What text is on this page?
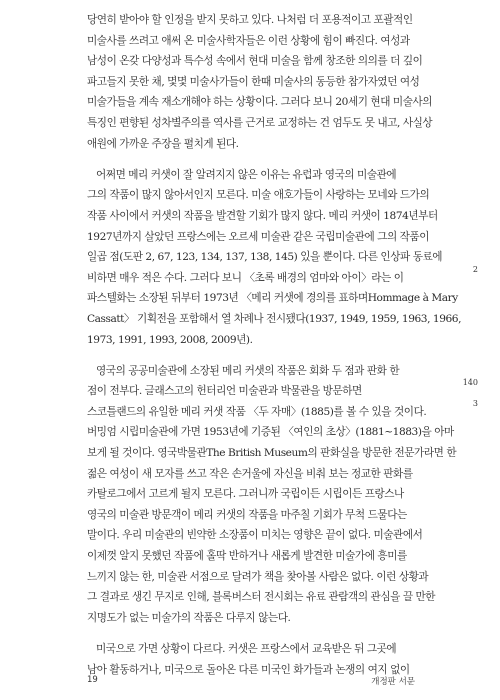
당연히 받아야 할 인정을 받지 못하고 있다. 나처럼 더 포용적이고 포괄적인
미술사를 쓰려고 애써 온 미술사학자들은 이런 상황에 힘이 빠진다. 여성과
남성이 온갖 다양성과 특수성 속에서 현대 미술을 함께 창조한 의의를 더 깊이
파고들지 못한 채, 몇몇 미술사가들이 한때 미술사의 동등한 참가자였던 여성
미술가들을 계속 재소개해야 하는 상황이다. 그러다 보니 20세기 현대 미술사의
특징인 편향된 성차별주의를 역사를 근거로 교정하는 건 엄두도 못 내고, 사실상
애원에 가까운 주장을 펼치게 된다.
어쩌면 메리 커샛이 잘 알려지지 않은 이유는 유럽과 영국의 미술관에
그의 작품이 많지 않아서인지 모른다. 미술 애호가들이 사랑하는 모네와 드가의
작품 사이에서 커샛의 작품을 발견할 기회가 많지 않다. 메리 커샛이 1874년부터
1927년까지 살았던 프랑스에는 오르세 미술관 같은 국립미술관에 그의 작품이
일곱 점(도판 2, 67, 123, 134, 137, 138, 145) 있을 뿐이다. 다른 인상파 동료에
비하면 매우 적은 수다. 그러다 보니 〈초록 배경의 엄마와 아이〉라는 이
파스텔화는 소장된 뒤부터 1973년 〈메리 커샛에 경의를 표하며Hommage à Mary
Cassatt〉 기획전을 포함해서 열 차례나 전시됐다(1937, 1949, 1959, 1963, 1966,
1973, 1991, 1993, 2008, 2009년).
영국의 공공미술관에 소장된 메리 커샛의 작품은 회화 두 점과 판화 한
점이 전부다. 글래스고의 헌터리언 미술관과 박물관을 방문하면
스코틀랜드의 유일한 메리 커샛 작품 〈두 자매〉(1885)를 볼 수 있을 것이다.
버밍엄 시립미술관에 가면 1953년에 기증된 〈여인의 초상〉(1881~1883)을 아마
보게 될 것이다. 영국박물관The British Museum의 판화실을 방문한 전문가라면 한
젊은 여성이 새 모자를 쓰고 작은 손거울에 자신을 비춰 보는 정교한 판화를
카탈로그에서 고르게 될지 모른다. 그러니까 국립이든 시립이든 프랑스나
영국의 미술관 방문객이 메리 커샛의 작품을 마주칠 기회가 무척 드물다는
말이다. 우리 미술관의 빈약한 소장품이 미치는 영향은 끝이 없다. 미술관에서
이제껏 알지 못했던 작품에 홀딱 반하거나 새롭게 발견한 미술가에 흥미를
느끼지 않는 한, 미술관 서점으로 달려가 책을 찾아볼 사람은 없다. 이런 상황과
그 결과로 생긴 무지로 인해, 블록버스터 전시회는 유료 관람객의 관심을 끌 만한
지명도가 없는 미술가의 작품은 다루지 않는다.
미국으로 가면 상황이 다르다. 커샛은 프랑스에서 교육받은 뒤 그곳에
남아 활동하거나, 미국으로 돌아온 다른 미국인 화가들과 논쟁의 여지 없이
2
140
3
19	개정판 서문
